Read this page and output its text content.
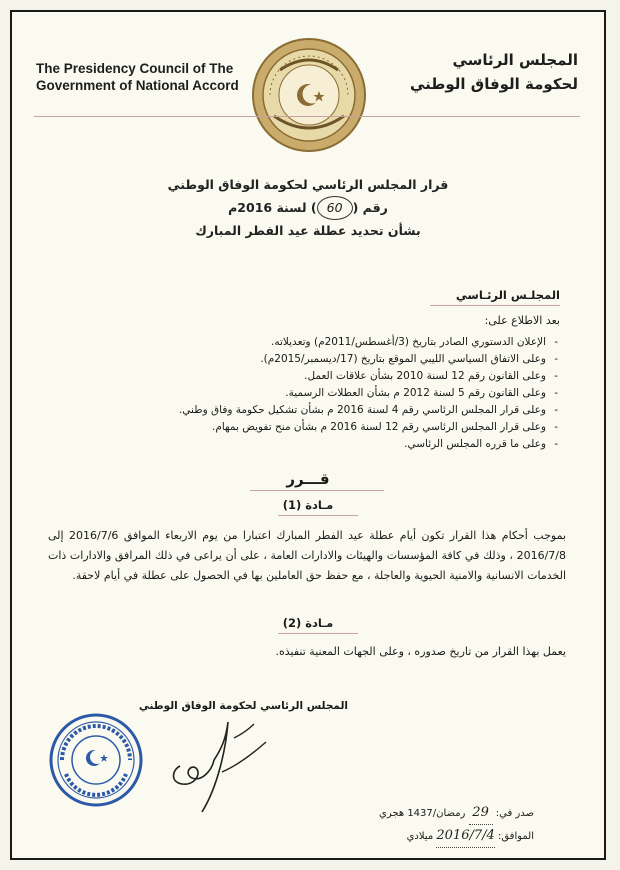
The Presidency Council of The
Government of National Accord
المجلس الرئاسي
لحكومة الوفاق الوطني
قرار المجلس الرئاسي لحكومة الوفاق الوطني
رقم (60) لسنة 2016م
بشأن تحديد عطلة عيد الفطر المبارك
المجلـس الرئـاسي
بعد الاطلاع على:
- الإعلان الدستوري الصادر بتاريخ (3/أغسطس/2011م) وتعديلاته.
- وعلى الاتفاق السياسي الليبي الموقع بتاريخ (17/ديسمبر/2015م).
- وعلى القانون رقم 12 لسنة 2010 بشأن علاقات العمل.
- وعلى القانون رقم 5 لسنة 2012 م بشأن العطلات الرسمية.
- وعلى قرار المجلس الرئاسي رقم 4 لسنة 2016 م بشأن تشكيل حكومة وفاق وطني.
- وعلى قرار المجلس الرئاسي رقم 12 لسنة 2016 م بشأن منح تفويض بمهام.
- وعلى ما قرره المجلس الرئاسي.
قـــرر
مـادة (1)
بموجب أحكام هذا القرار تكون أيام عطلة عيد الفطر المبارك اعتبارا من يوم الاربعاء الموافق 2016/7/6 إلى 2016/7/8 ، وذلك في كافة المؤسسات والهيئات والادارات العامة ، على أن يراعى في ذلك المرافق والادارات ذات الخدمات الانسانية والامنية الحيوية والعاجلة ، مع حفظ حق العاملين بها في الحصول على عطلة في أيام لاحقة.
مـادة (2)
يعمل بهذا القرار من تاريخ صدوره ، وعلى الجهات المعنية تنفيذه.
المجلس الرئاسي لحكومة الوفاق الوطني
صدر في: 29 رمضان/1437 هجري
الموافق: 2016/7/4 ميلادي
